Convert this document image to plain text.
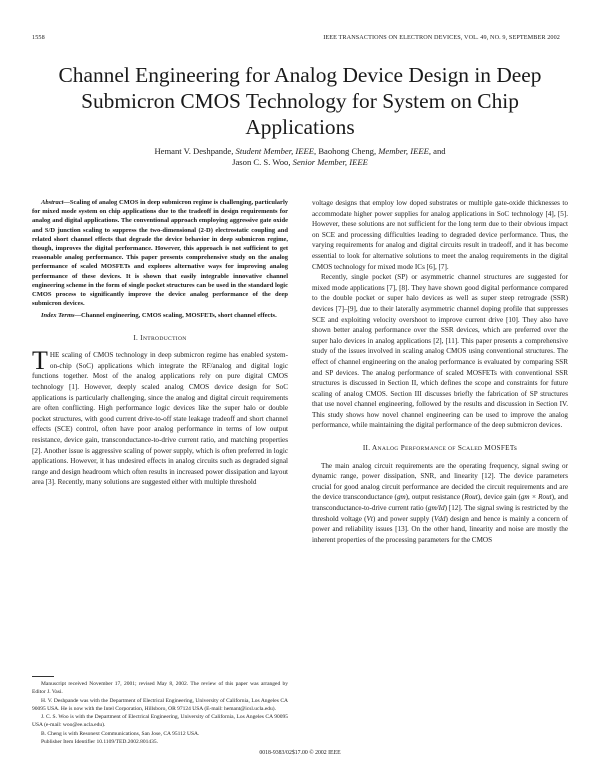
1558	IEEE TRANSACTIONS ON ELECTRON DEVICES, VOL. 49, NO. 9, SEPTEMBER 2002
Channel Engineering for Analog Device Design in Deep Submicron CMOS Technology for System on Chip Applications
Hemant V. Deshpande, Student Member, IEEE, Baohong Cheng, Member, IEEE, and
Jason C. S. Woo, Senior Member, IEEE

Abstract—Scaling of analog CMOS in deep submicron regime is challenging, particularly for mixed mode system on chip applications due to the tradeoff in design requirements for analog and digital applications. The conventional approach employing aggressive gate oxide and S/D junction scaling to suppress the two-dimensional (2-D) electrostatic coupling and related short channel effects that degrade the device behavior in deep submicron regime, though, improves the digital performance. However, this approach is not sufficient to get reasonable analog performance. This paper presents comprehensive study on the analog performance of scaled MOSFETs and explores alternative ways for improving analog performance of these devices. It is shown that easily integrable innovative channel engineering scheme in the form of single pocket structures can be used in the standard logic CMOS process to significantly improve the device analog performance of the deep submicron devices.

Index Terms—Channel engineering, CMOS scaling, MOSFETs, short channel effects.

I. INTRODUCTION

THE scaling of CMOS technology in deep submicron regime has enabled system-on-chip (SoC) applications which integrate the RF/analog and digital logic functions together. Most of the analog applications rely on pure digital CMOS technology [1]. However, deeply scaled analog CMOS device design for SoC applications is particularly challenging, since the analog and digital circuit requirements are often conflicting. High performance logic devices like the super halo or double pocket structures, with good current drive-to-off state leakage tradeoff and short channel effects (SCE) control, often have poor analog performance in terms of low output resistance, device gain, transconductance-to-drive current ratio, and matching properties [2]. Another issue is aggressive scaling of power supply, which is often preferred in logic applications. However, it has undesired effects in analog circuits such as degraded signal range and design headroom which often results in increased power dissipation and layout area [3]. Recently, many solutions are suggested either with multiple threshold

Manuscript received November 17, 2001; revised May 8, 2002. The review of this paper was arranged by Editor J. Vasi.

H. V. Deshpande was with the Department of Electrical Engineering, University of California, Los Angeles CA 90095 USA. He is now with the Intel Corporation, Hillsboro, OR 97124 USA (E-mail: hemant@icsl.ucla.edu).

J. C. S. Woo is with the Department of Electrical Engineering, University of California, Los Angeles CA 90095 USA (e-mail: woo@ee.ucla.edu).

B. Cheng is with Resonext Communications, San Jose, CA 95112 USA.

Publisher Item Identifier 10.1109/TED.2002.801435.

voltage designs that employ low doped substrates or multiple gate-oxide thicknesses to accommodate higher power supplies for analog applications in SoC technology [4], [5]. However, these solutions are not sufficient for the long term due to their obvious impact on SCE and processing difficulties leading to degraded device performance. Thus, the varying requirements for analog and digital circuits result in tradeoff, and it has become essential to look for alternative solutions to meet the analog requirements in the digital CMOS technology for mixed mode ICs [6], [7].

Recently, single pocket (SP) or asymmetric channel structures are suggested for mixed mode applications [7], [8]. They have shown good digital performance compared to the double pocket or super halo devices as well as super steep retrograde (SSR) devices [7]–[9], due to their laterally asymmetric channel doping profile that suppresses SCE and exploiting velocity overshoot to improve current drive [10]. They also have shown better analog performance over the SSR devices, which are preferred over the super halo devices in analog applications [2], [11]. This paper presents a comprehensive study of the issues involved in scaling analog CMOS using conventional structures. The effect of channel engineering on the analog performance is evaluated by comparing SSR and SP devices. The analog performance of scaled MOSFETs with conventional SSR structures is discussed in Section II, which defines the scope and constraints for future scaling of analog CMOS. Section III discusses briefly the fabrication of SP structures that use novel channel engineering, followed by the results and discussion in Section IV. This study shows how novel channel engineering can be used to improve the analog performance, while maintaining the digital performance of the deep submicron devices.

II. ANALOG PERFORMANCE OF SCALED MOSFETs

The main analog circuit requirements are the operating frequency, signal swing or dynamic range, power dissipation, SNR, and linearity [12]. The device parameters crucial for good analog circuit performance are decided the circuit requirements and are the device transconductance (gm), output resistance (Rout), device gain (gm × Rout), and transconductance-to-drive current ratio (gm/Id) [12]. The signal swing is restricted by the threshold voltage (Vt) and power supply (Vdd) design and hence is mainly a concern of power and reliability issues [13]. On the other hand, linearity and noise are mostly the inherent properties of the processing parameters for the CMOS

0018-9383/02$17.00 © 2002 IEEE
